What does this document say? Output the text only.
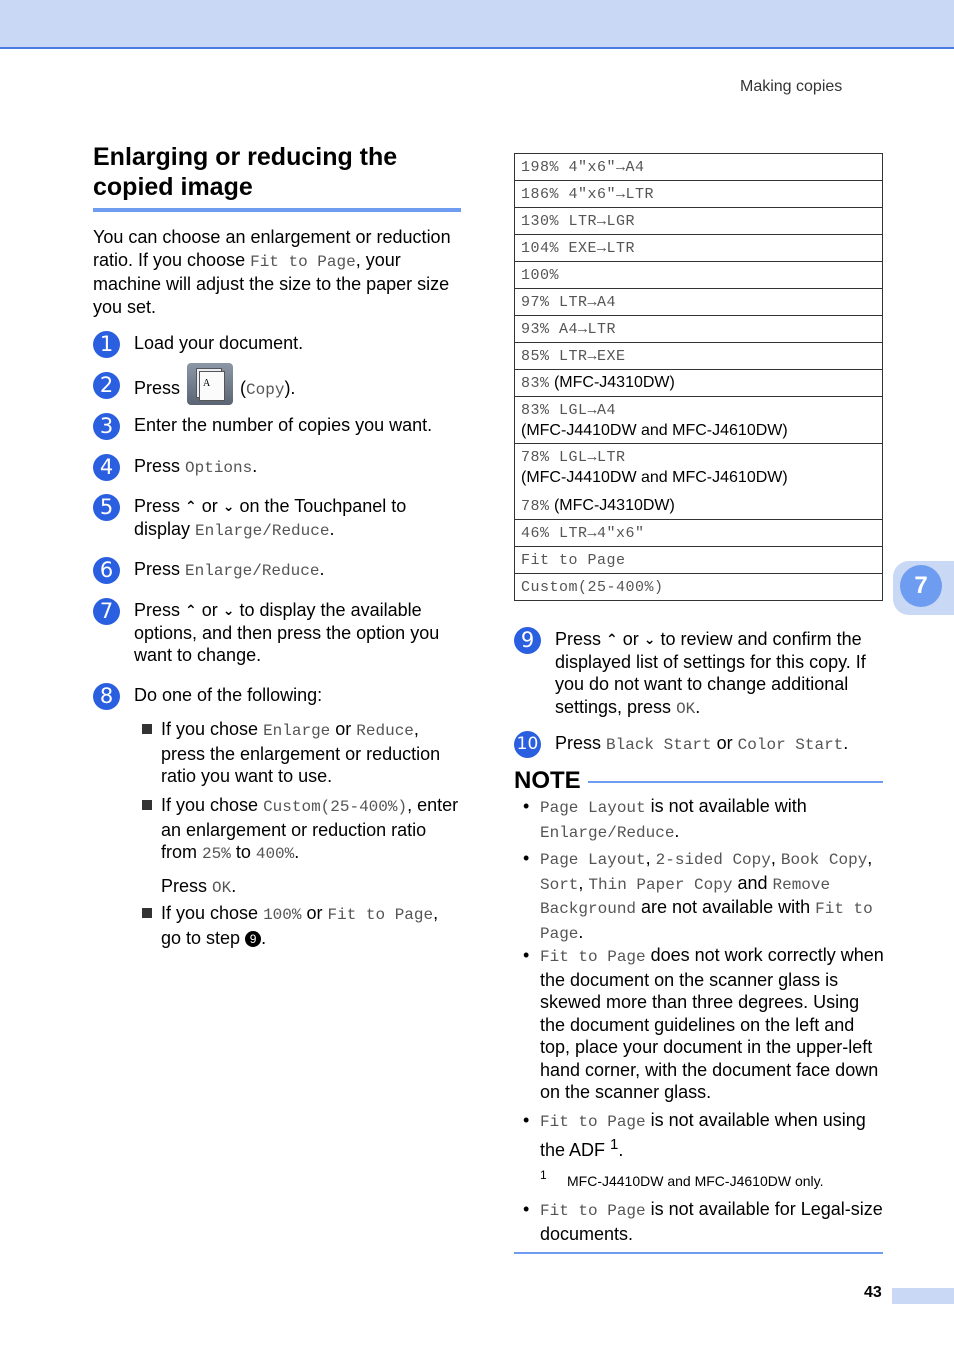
Making copies
Enlarging or reducing the
copied image

You can choose an enlargement or reduction ratio. If you choose Fit to Page, your machine will adjust the size to the paper size you set.

1	Load your document.
2	Press	A	(Copy).
3	Enter the number of copies you want.
4	Press Options.
5	Press ⌃ or ⌄ on the Touchpanel to display Enlarge/Reduce.
6	Press Enlarge/Reduce.
7	Press ⌃ or ⌄ to display the available options, and then press the option you want to change.
8	Do one of the following:
If you chose Enlarge or Reduce, press the enlargement or reduction ratio you want to use.
If you chose Custom(25-400%), enter an enlargement or reduction ratio from 25% to 400%.
Press OK.
If you chose 100% or Fit to Page, go to step 9 .
198% 4"x6"→A4
186% 4"x6"→LTR
130% LTR→LGR
104% EXE→LTR
100%
97% LTR→A4
93% A4→LTR
85% LTR→EXE
83% (MFC-J4310DW)
83% LGL→A4
(MFC-J4410DW and MFC-J4610DW)
78% LGL→LTR
(MFC-J4410DW and MFC-J4610DW)
78% (MFC-J4310DW)
46% LTR→4"x6"
Fit to Page
Custom(25-400%)
9	Press ⌃ or ⌄ to review and confirm the displayed list of settings for this copy. If you do not want to change additional settings, press OK.
10 Press Black Start or Color Start.
NOTE
• Page Layout is not available with Enlarge/Reduce.
• Page Layout, 2-sided Copy, Book Copy, Sort, Thin Paper Copy and Remove Background are not available with Fit to Page.
• Fit to Page does not work correctly when the document on the scanner glass is skewed more than three degrees. Using the document guidelines on the left and top, place your document in the upper-left hand corner, with the document face down on the scanner glass.
• Fit to Page is not available when using the ADF $^1$.
1 MFC-J4410DW and MFC-J4610DW only.
• Fit to Page is not available for Legal-size documents.
7
43
